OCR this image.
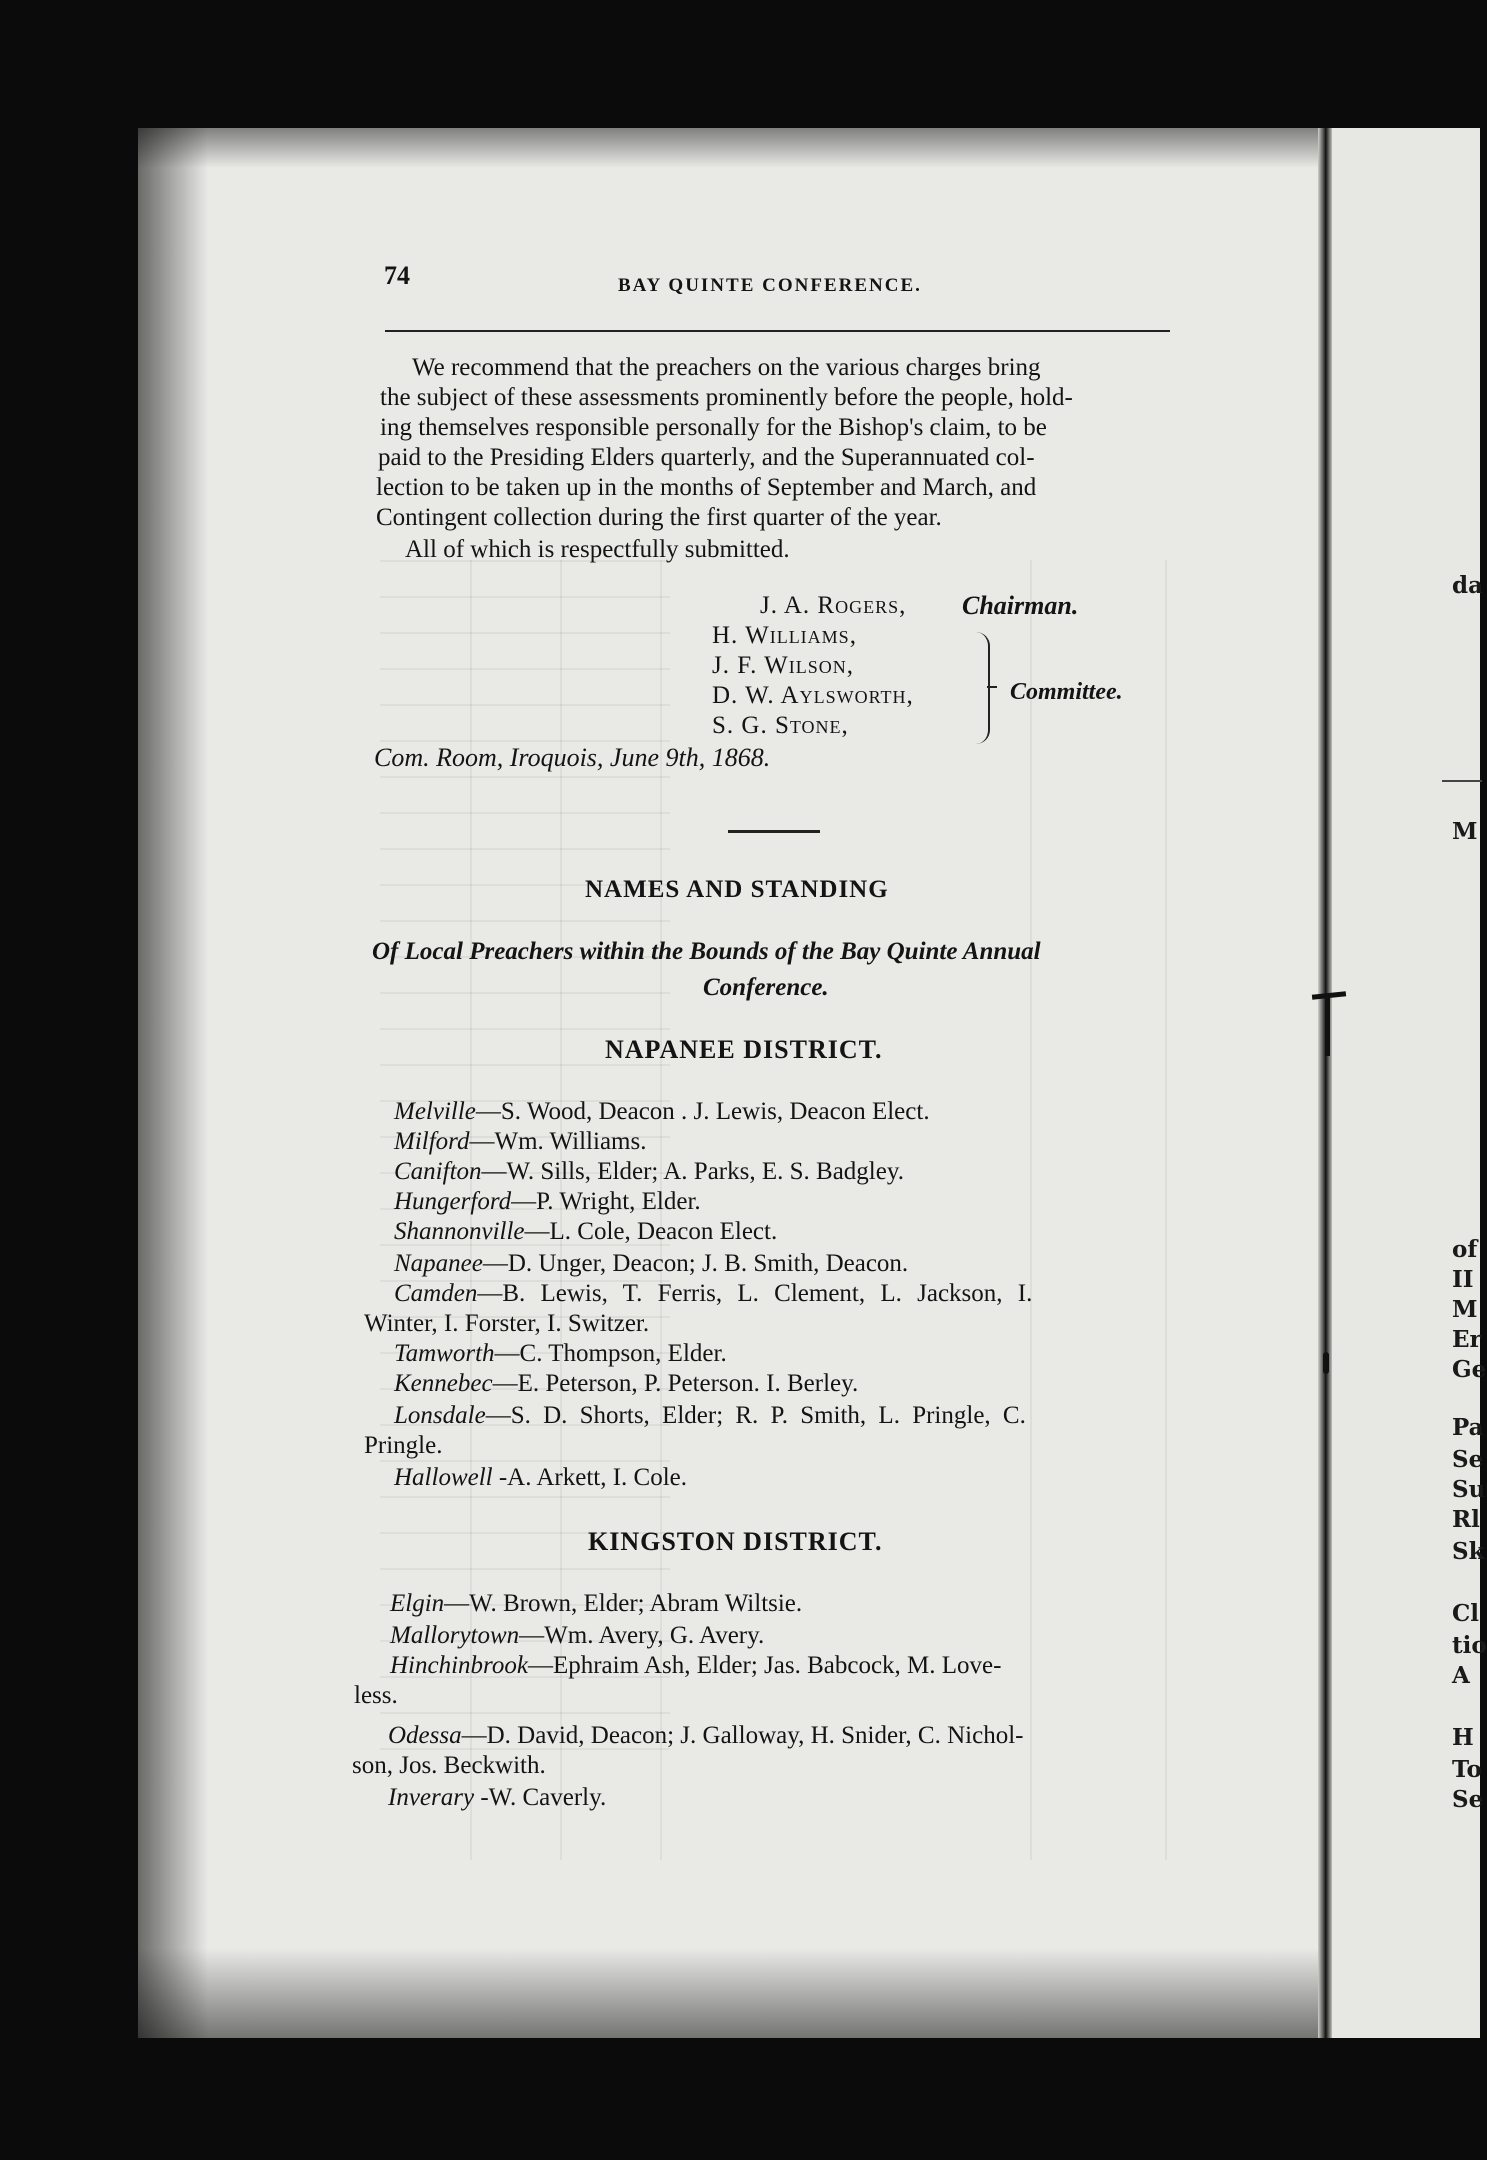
74	BAY QUINTE CONFERENCE.
We recommend that the preachers on the various charges bring
the subject of these assessments prominently before the people, hold-
ing themselves responsible personally for the Bishop's claim, to be
paid to the Presiding Elders quarterly, and the Superannuated col-
lection to be taken up in the months of September and March, and
Contingent collection during the first quarter of the year.
All of which is respectfully submitted.
J. A. Rogers, Chairman.
H. Williams,
J. F. Wilson,
D. W. Aylsworth,
S. G. Stone,
Committee.
Com. Room, Iroquois, June 9th, 1868.
NAMES AND STANDING
Of Local Preachers within the Bounds of the Bay Quinte Annual
Conference.
NAPANEE DISTRICT.
Melville—S. Wood, Deacon . J. Lewis, Deacon Elect.
Milford—Wm. Williams.
Canifton—W. Sills, Elder; A. Parks, E. S. Badgley.
Hungerford—P. Wright, Elder.
Shannonville—L. Cole, Deacon Elect.
Napanee—D. Unger, Deacon; J. B. Smith, Deacon.
Camden—B. Lewis, T. Ferris, L. Clement, L. Jackson, I.
Winter, I. Forster, I. Switzer.
Tamworth—C. Thompson, Elder.
Kennebec—E. Peterson, P. Peterson. I. Berley.
Lonsdale—S. D. Shorts, Elder; R. P. Smith, L. Pringle, C.
Pringle.
Hallowell -A. Arkett, I. Cole.
KINGSTON DISTRICT.
Elgin—W. Brown, Elder; Abram Wiltsie.
Mallorytown—Wm. Avery, G. Avery.
Hinchinbrook—Ephraim Ash, Elder; Jas. Babcock, M. Love-
less.
Odessa—D. David, Deacon; J. Galloway, H. Snider, C. Nichol-
son, Jos. Beckwith.
Inverary -W. Caverly.
da
M
of
II
M
Er
Ge
Pa
Se
Su
Rl
Sk
Cl
tio
A
H
To
Se
